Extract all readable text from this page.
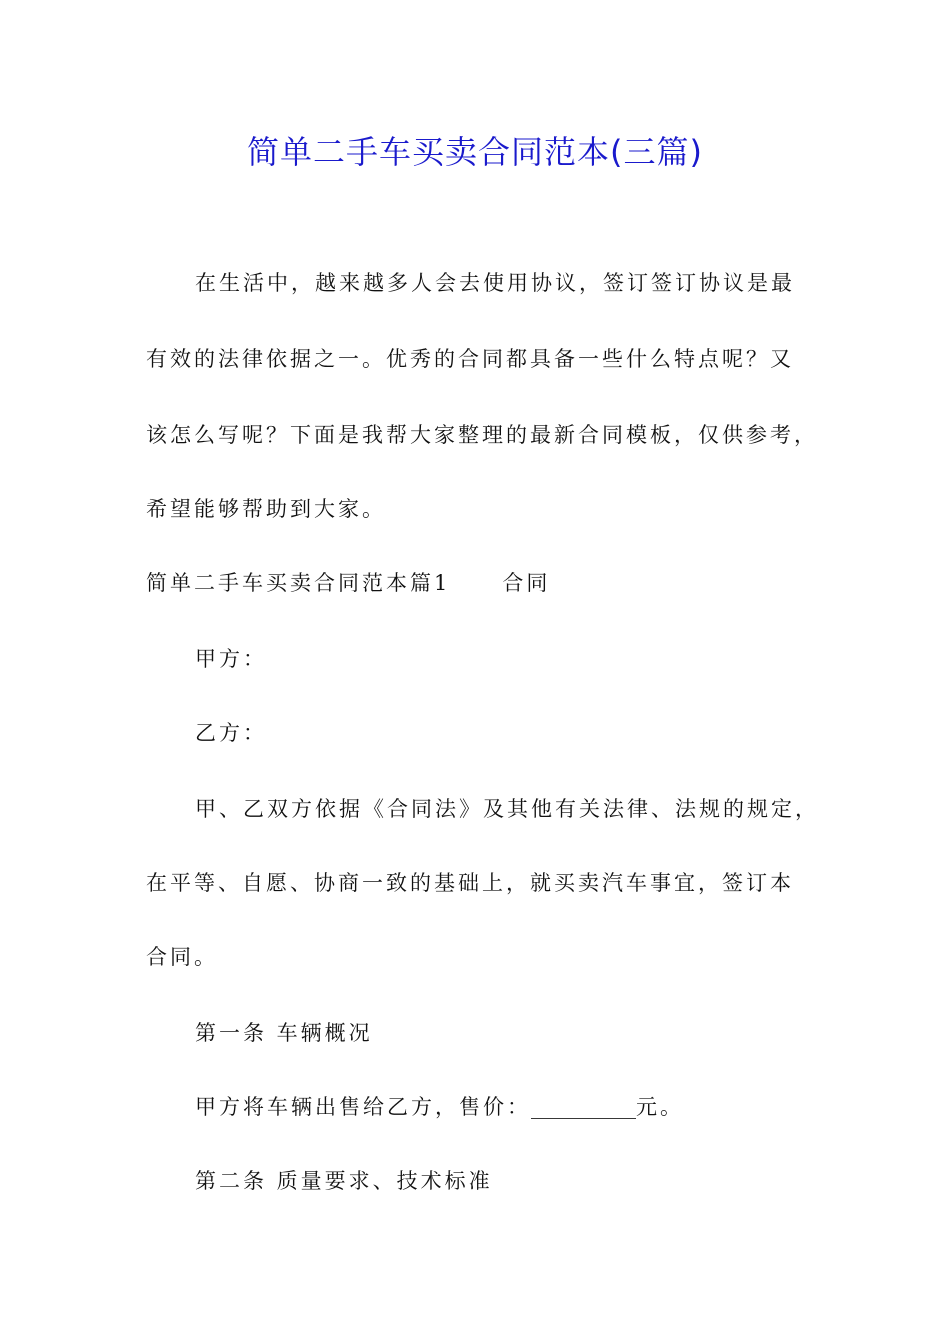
简单二手车买卖合同范本(三篇)
在生活中，越来越多人会去使用协议，签订签订协议是最
有效的法律依据之一。优秀的合同都具备一些什么特点呢？又
该怎么写呢？下面是我帮大家整理的最新合同模板，仅供参考，
希望能够帮助到大家。
简单二手车买卖合同范本篇1 合同
甲方：
乙方：
甲、乙双方依据《合同法》及其他有关法律、法规的规定，
在平等、自愿、协商一致的基础上，就买卖汽车事宜，签订本
合同。
第一条 车辆概况
甲方将车辆出售给乙方，售价：__________元。
第二条 质量要求、技术标准
